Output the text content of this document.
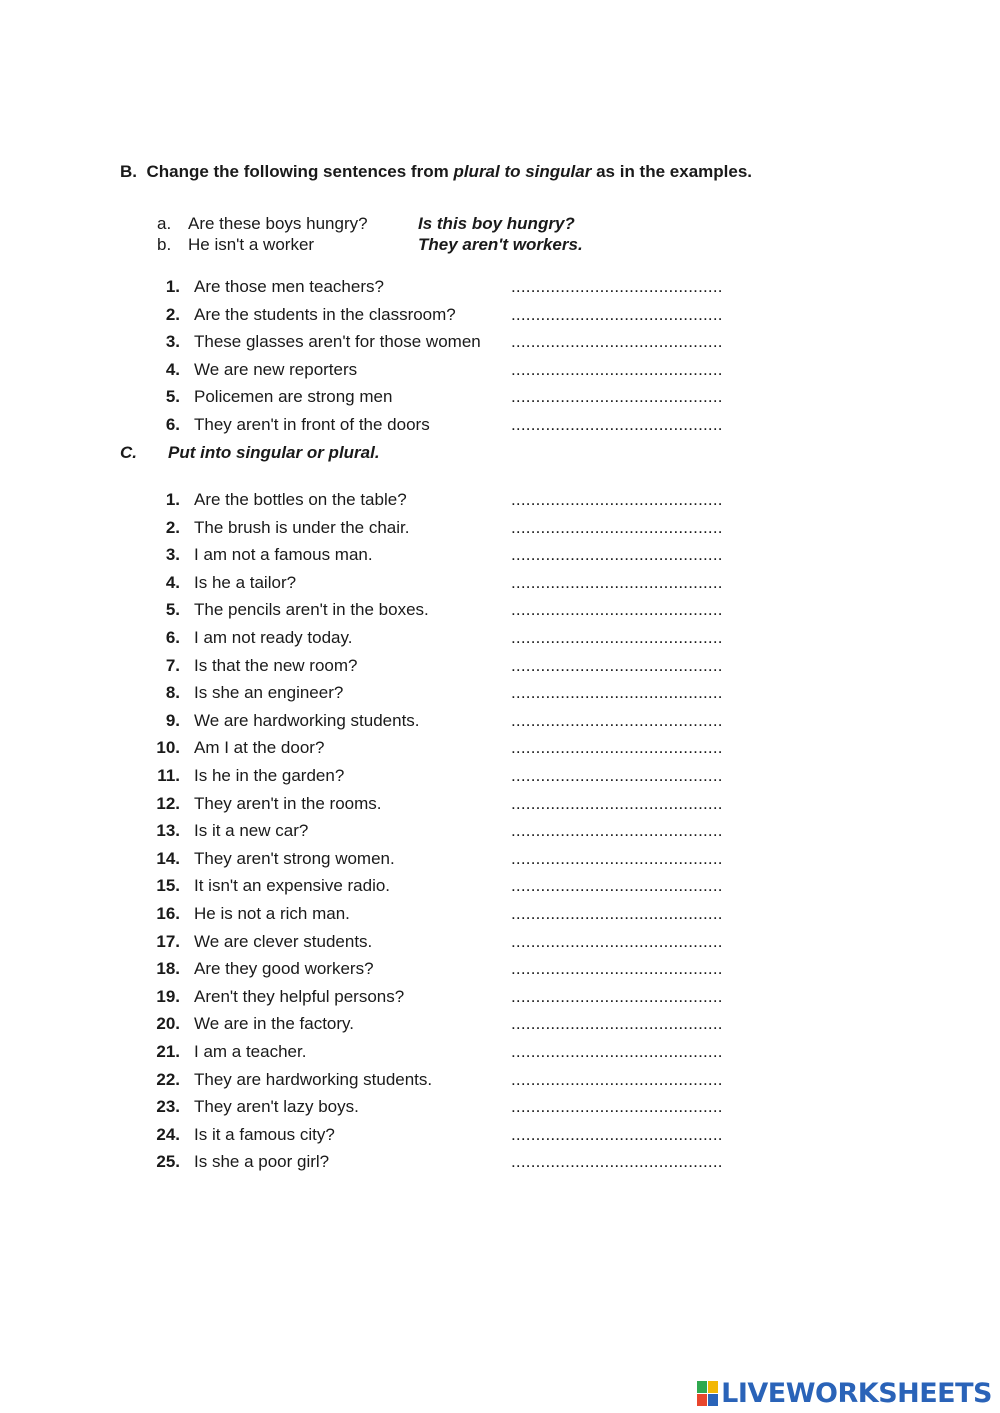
B. Change the following sentences from plural to singular as in the examples.
a. Are these boys hungry?	Is this boy hungry?
b. He isn't a worker	They aren't workers.
1. Are those men teachers?	...........................................
2. Are the students in the classroom?	...........................................
3. These glasses aren't for those women ...........................................
4. We are new reporters	...........................................
5. Policemen are strong men	...........................................
6. They aren't in front of the doors	...........................................
C. Put into singular or plural.
1. Are the bottles on the table?	...........................................
2. The brush is under the chair.	...........................................
3. I am not a famous man.	...........................................
4. Is he a tailor?	...........................................
5. The pencils aren't in the boxes.	...........................................
6. I am not ready today.	...........................................
7. Is that the new room?	...........................................
8. Is she an engineer?	...........................................
9. We are hardworking students.	...........................................
10. Am I at the door?	...........................................
11. Is he in the garden?	...........................................
12. They aren't in the rooms.	...........................................
13. Is it a new car?	...........................................
14. They aren't strong women.	...........................................
15. It isn't an expensive radio.	...........................................
16. He is not a rich man.	...........................................
17. We are clever students.	...........................................
18. Are they good workers?	...........................................
19. Aren't they helpful persons?	...........................................
20. We are in the factory.	...........................................
21. I am a teacher.	...........................................
22. They are hardworking students.	...........................................
23. They aren't lazy boys.	...........................................
24. Is it a famous city?	...........................................
25. Is she a poor girl?	...........................................
LIVEWORKSHEETS
